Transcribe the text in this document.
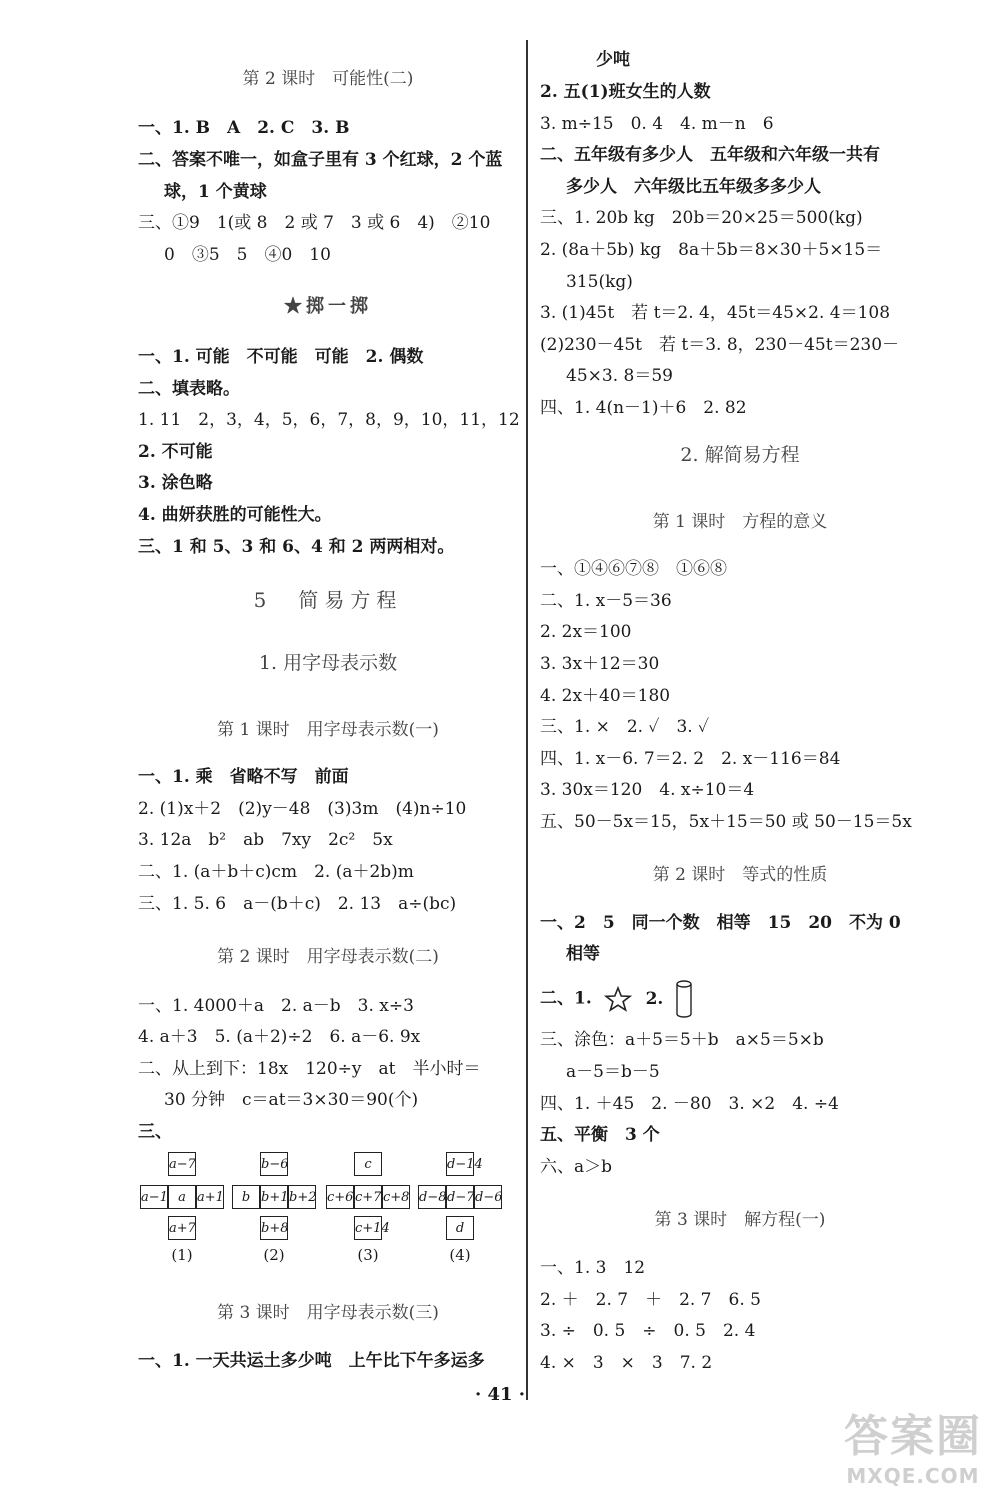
第 2 课时　可能性(二)
一、1. B　A　2. C　3. B
二、答案不唯一，如盒子里有 3 个红球，2 个蓝
球，1 个黄球
三、①9　1(或 8　2 或 7　3 或 6　4)　②10
0　③5　5　④0　10
★掷一掷
一、1. 可能　不可能　可能　2. 偶数
二、填表略。
1. 11　2，3，4，5，6，7，8，9，10，11，12
2. 不可能
3. 涂色略
4. 曲妍获胜的可能性大。
三、1 和 5、3 和 6、4 和 2 两两相对。
5　简易方程
1. 用字母表示数
第 1 课时　用字母表示数(一)
一、1. 乘　省略不写　前面
2. (1)x＋2　(2)y－48　(3)3m　(4)n÷10
3. 12a　b²　ab　7xy　2c²　5x
二、1. (a＋b＋c)cm　2. (a＋2b)m
三、1. 5. 6　a－(b＋c)　2. 13　a÷(bc)
第 2 课时　用字母表示数(二)
一、1. 4000＋a　2. a－b　3. x÷3
4. a＋3　5. (a＋2)÷2　6. a－6. 9x
二、从上到下：18x　120÷y　at　半小时＝
30 分钟　c＝at＝3×30＝90(个)
三、
a−7
a−1 a a+1
a+7
b−6
b b+1 b+2
b+8
c
c+6 c+7 c+8
c+14
d−14
d−8 d−7 d−6
d
(1)	(2)	(3)	(4)
第 3 课时　用字母表示数(三)
一、1. 一天共运土多少吨　上午比下午多运多
少吨
2. 五(1)班女生的人数
3. m÷15　0. 4　4. m－n　6
二、五年级有多少人　五年级和六年级一共有
多少人　六年级比五年级多多少人
三、1. 20b kg　20b＝20×25＝500(kg)
2. (8a＋5b) kg　8a＋5b＝8×30＋5×15＝
315(kg)
3. (1)45t　若 t＝2. 4，45t＝45×2. 4＝108
(2)230－45t　若 t＝3. 8，230－45t＝230－
45×3. 8＝59
四、1. 4(n－1)＋6　2. 82
2. 解简易方程
第 1 课时　方程的意义
一、①④⑥⑦⑧　①⑥⑧
二、1. x－5＝36
2. 2x＝100
3. 3x＋12＝30
4. 2x＋40＝180
三、1. ×　2. ✓　3. ✓
四、1. x－6. 7＝2. 2　2. x－116＝84
3. 30x＝120　4. x÷10＝4
五、50－5x＝15，5x＋15＝50 或 50－15＝5x
第 2 课时　等式的性质
一、2　5　同一个数　相等　15　20　不为 0
相等
二、1.	2.
三、涂色：a＋5＝5＋b　a×5＝5×b
a－5＝b－5
四、1. ＋45　2. －80　3. ×2　4. ÷4
五、平衡　3 个
六、a＞b
第 3 课时　解方程(一)
一、1. 3　12
2. ＋　2. 7　＋　2. 7　6. 5
3. ÷　0. 5　÷　0. 5　2. 4
4. ×　3　×　3　7. 2
· 41 ·
答案圈
MXQE.COM
